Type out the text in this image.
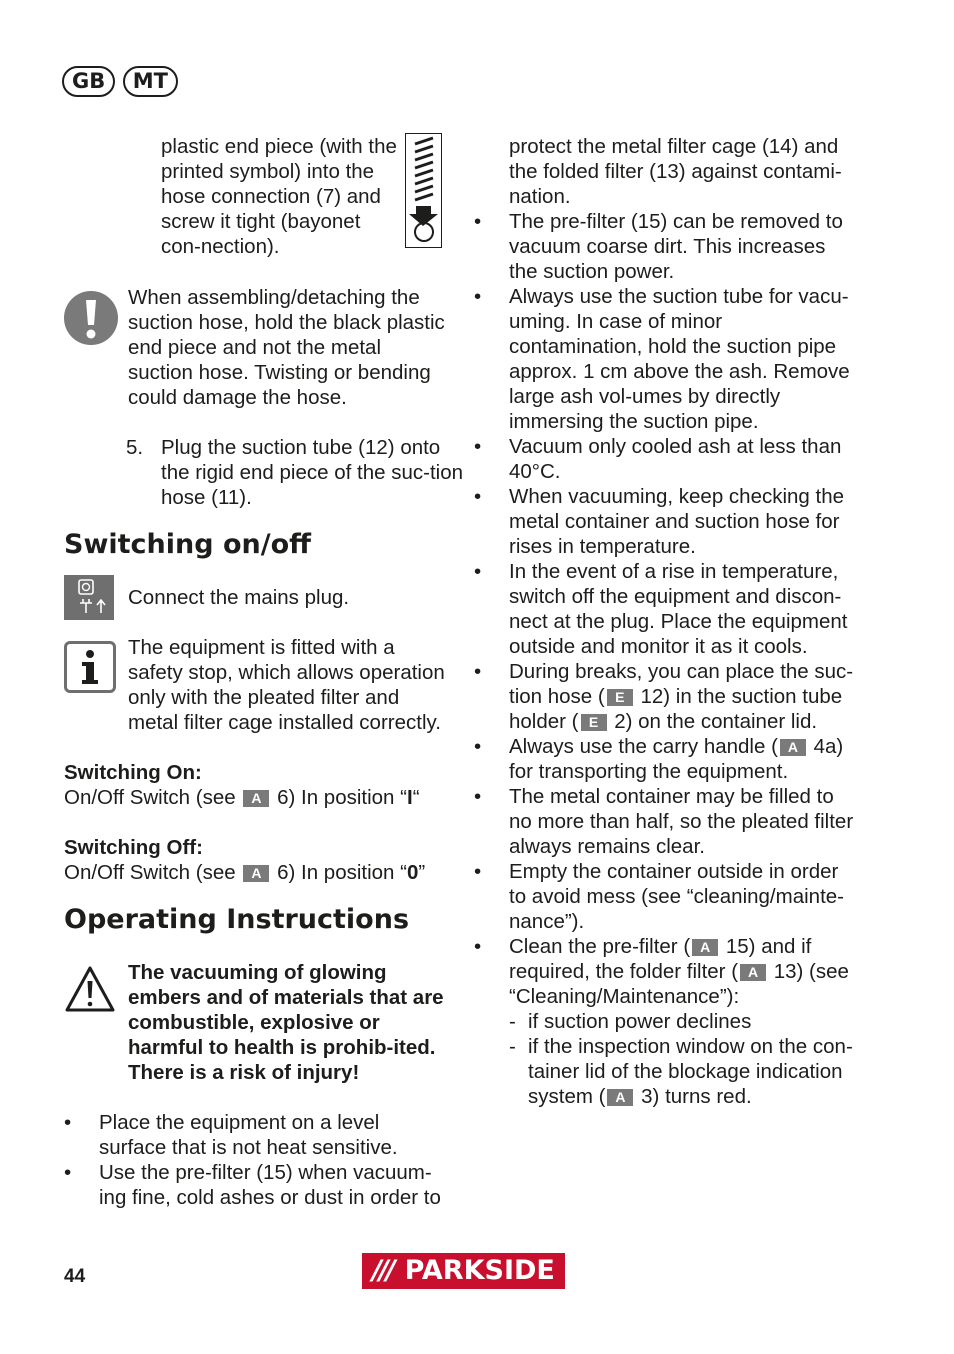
GB MT
plastic end piece (with the printed symbol) into the hose connection (7) and screw it tight (bayonet con-nection).
When assembling/detaching the suction hose, hold the black plastic end piece and not the metal suction hose. Twisting or bending could damage the hose.
5. Plug the suction tube (12) onto the rigid end piece of the suc-tion hose (11).
Switching on/off
Connect the mains plug.
The equipment is fitted with a safety stop, which allows operation only with the pleated filter and metal filter cage installed correctly.
Switching On:
On/Off Switch (see A 6) In position “I“
Switching Off:
On/Off Switch (see A 6) In position “0”
Operating Instructions
The vacuuming of glowing embers and of materials that are combustible, explosive or harmful to health is prohib-ited. There is a risk of injury!
• Place the equipment on a level surface that is not heat sensitive.
• Use the pre-filter (15) when vacuum-ing fine, cold ashes or dust in order to
protect the metal filter cage (14) and the folded filter (13) against contami-nation.
• The pre-filter (15) can be removed to vacuum coarse dirt. This increases the suction power.
• Always use the suction tube for vacu-uming. In case of minor contamination, hold the suction pipe approx. 1 cm above the ash. Remove large ash vol-umes by directly immersing the suction pipe.
• Vacuum only cooled ash at less than 40°C.
• When vacuuming, keep checking the metal container and suction hose for rises in temperature.
• In the event of a rise in temperature, switch off the equipment and discon-nect at the plug. Place the equipment outside and monitor it as it cools.
• During breaks, you can place the suc-tion hose ( E 12) in the suction tube holder ( E 2) on the container lid.
• Always use the carry handle ( A 4a) for transporting the equipment.
• The metal container may be filled to no more than half, so the pleated filter always remains clear.
• Empty the container outside in order to avoid mess (see “cleaning/mainte-nance”).
• Clean the pre-filter ( A 15) and if required, the folder filter ( A 13) (see “Cleaning/Maintenance”):
- if suction power declines
- if the inspection window on the con-tainer lid of the blockage indication system ( A 3) turns red.
44	/// PARKSIDE
